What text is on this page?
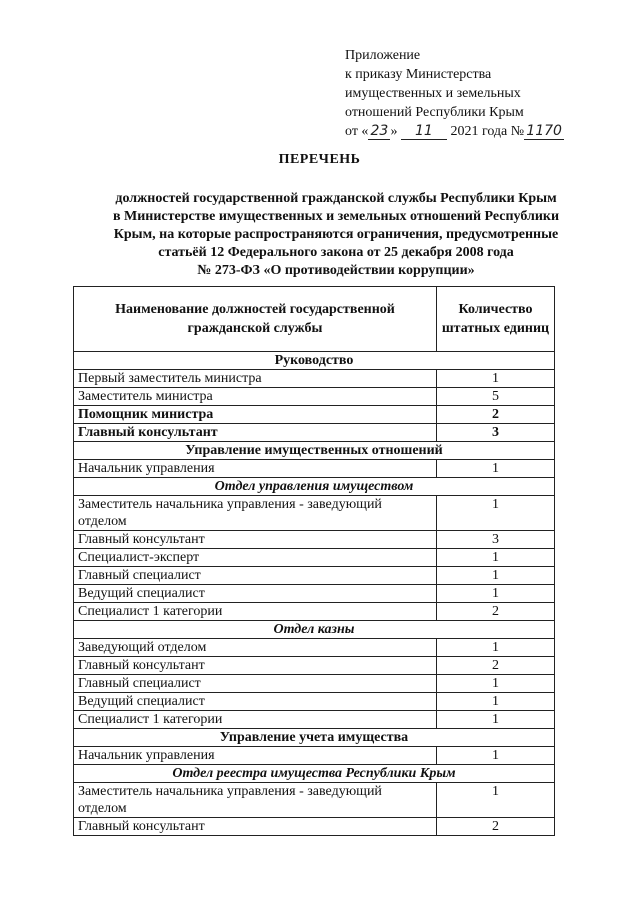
Приложение
к приказу Министерства
имущественных и земельных
отношений Республики Крым
от « 23 » 11 2021 года № 1170
ПЕРЕЧЕНЬ
должностей государственной гражданской службы Республики Крым
в Министерстве имущественных и земельных отношений Республики
Крым, на которые распространяются ограничения, предусмотренные
статьёй 12 Федерального закона от 25 декабря 2008 года
№ 273-ФЗ «О противодействии коррупции»
Наименование должностей государственной гражданской службы	Количество штатных единиц
Руководство	
Первый заместитель министра	1
Заместитель министра	5
Помощник министра	2
Главный консультант	3
Управление имущественных отношений	
Начальник управления	1
Отдел управления имуществом	
Заместитель начальника управления - заведующий отделом	1
Главный консультант	3
Специалист-эксперт	1
Главный специалист	1
Ведущий специалист	1
Специалист 1 категории	2
Отдел казны	
Заведующий отделом	1
Главный консультант	2
Главный специалист	1
Ведущий специалист	1
Специалист 1 категории	1
Управление учета имущества	
Начальник управления	1
Отдел реестра имущества Республики Крым	
Заместитель начальника управления - заведующий отделом	1
Главный консультант	2
